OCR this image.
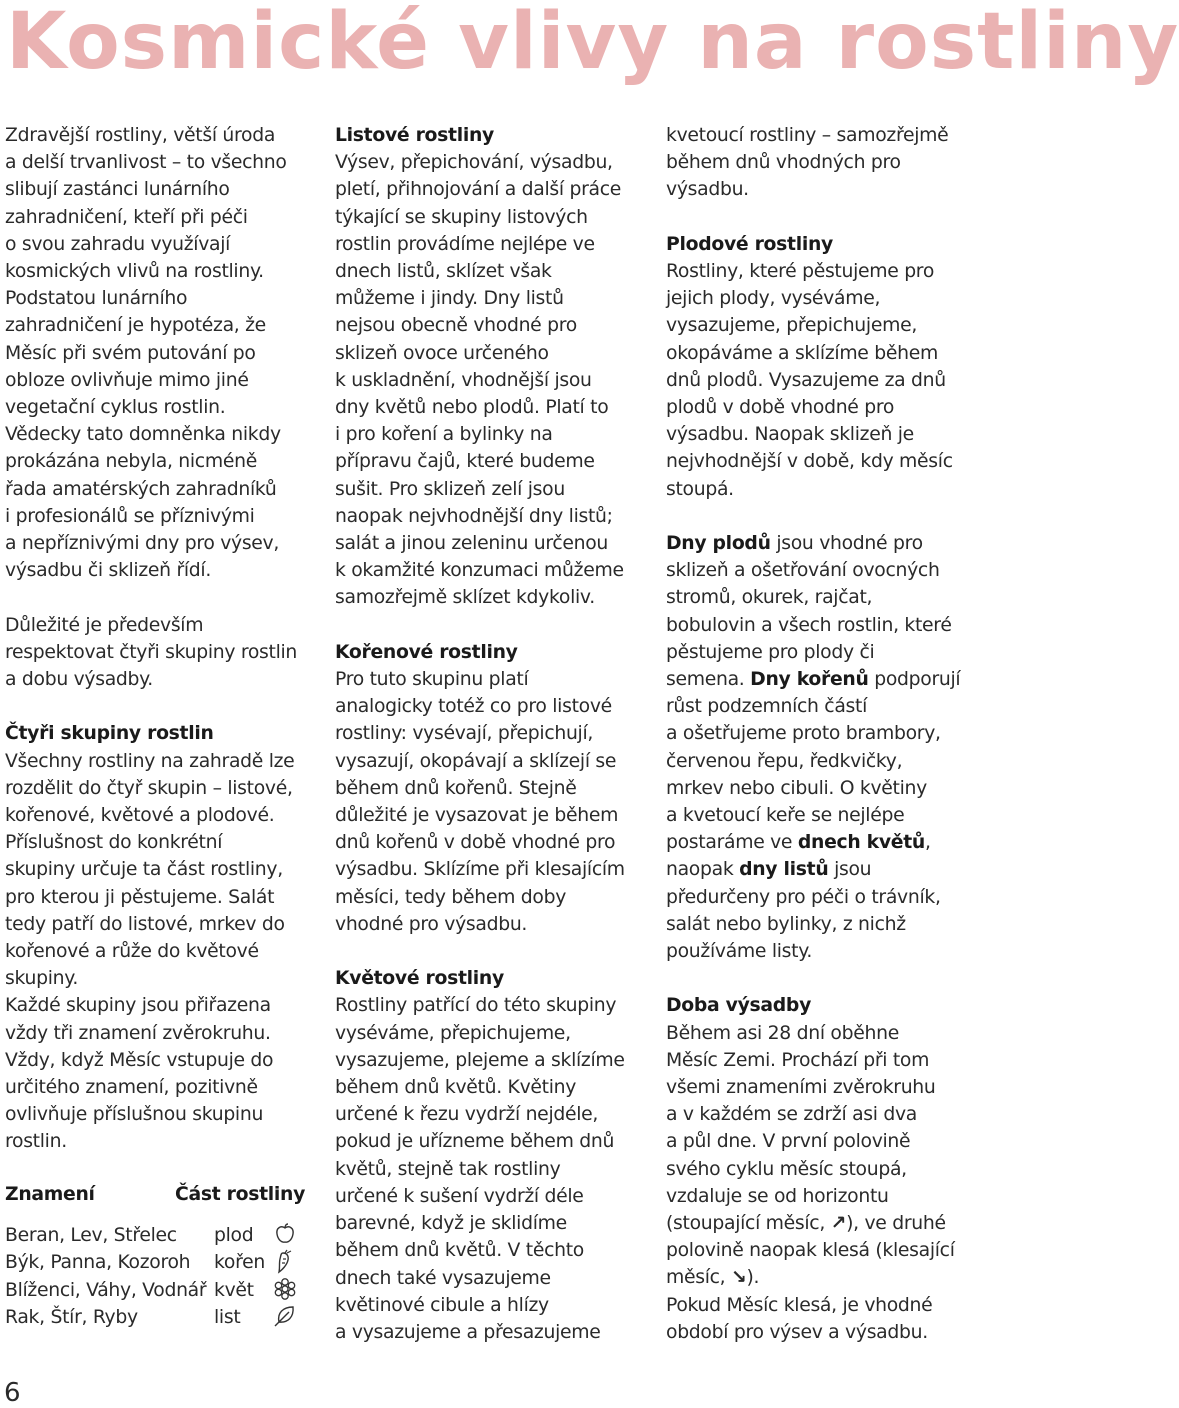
Kosmické vlivy na rostliny

Zdravější rostliny, větší úroda
a delší trvanlivost – to všechno
slibují zastánci lunárního
zahradničení, kteří při péči
o svou zahradu využívají
kosmických vlivů na rostliny.
Podstatou lunárního
zahradničení je hypotéza, že
Měsíc při svém putování po
obloze ovlivňuje mimo jiné
vegetační cyklus rostlin.
Vědecky tato domněnka nikdy
prokázána nebyla, nicméně
řada amatérských zahradníků
i profesionálů se příznivými
a nepříznivými dny pro výsev,
výsadbu či sklizeň řídí.

Důležité je především
respektovat čtyři skupiny rostlin
a dobu výsadby.

Čtyři skupiny rostlin

Všechny rostliny na zahradě lze
rozdělit do čtyř skupin – listové,
kořenové, květové a plodové.
Příslušnost do konkrétní
skupiny určuje ta část rostliny,
pro kterou ji pěstujeme. Salát
tedy patří do listové, mrkev do
kořenové a růže do květové
skupiny.
Každé skupiny jsou přiřazena
vždy tři znamení zvěrokruhu.
Vždy, když Měsíc vstupuje do
určitého znamení, pozitivně
ovlivňuje příslušnou skupinu
rostlin.

Znamení	Část rostliny
Beran, Lev, Střelec plod
Býk, Panna, Kozoroh kořen
Blíženci, Váhy, Vodnář květ
Rak, Štír, Ryby	list
Listové rostliny

Výsev, přepichování, výsadbu,
pletí, přihnojování a další práce
týkající se skupiny listových
rostlin provádíme nejlépe ve
dnech listů, sklízet však
můžeme i jindy. Dny listů
nejsou obecně vhodné pro
sklizeň ovoce určeného
k uskladnění, vhodnější jsou
dny květů nebo plodů. Platí to
i pro koření a bylinky na
přípravu čajů, které budeme
sušit. Pro sklizeň zelí jsou
naopak nejvhodnější dny listů;
salát a jinou zeleninu určenou
k okamžité konzumaci můžeme
samozřejmě sklízet kdykoliv.

Kořenové rostliny

Pro tuto skupinu platí
analogicky totéž co pro listové
rostliny: vysévají, přepichují,
vysazují, okopávají a sklízejí se
během dnů kořenů. Stejně
důležité je vysazovat je během
dnů kořenů v době vhodné pro
výsadbu. Sklízíme při klesajícím
měsíci, tedy během doby
vhodné pro výsadbu.

Květové rostliny

Rostliny patřící do této skupiny
vyséváme, přepichujeme,
vysazujeme, plejeme a sklízíme
během dnů květů. Květiny
určené k řezu vydrží nejdéle,
pokud je uřízneme během dnů
květů, stejně tak rostliny
určené k sušení vydrží déle
barevné, když je sklidíme
během dnů květů. V těchto
dnech také vysazujeme
květinové cibule a hlízy
a vysazujeme a přesazujeme

kvetoucí rostliny – samozřejmě
během dnů vhodných pro
výsadbu.

Plodové rostliny

Rostliny, které pěstujeme pro
jejich plody, vyséváme,
vysazujeme, přepichujeme,
okopáváme a sklízíme během
dnů plodů. Vysazujeme za dnů
plodů v době vhodné pro
výsadbu. Naopak sklizeň je
nejvhodnější v době, kdy měsíc
stoupá.

Dny plodů jsou vhodné pro
sklizeň a ošetřování ovocných
stromů, okurek, rajčat,
bobulovin a všech rostlin, které
pěstujeme pro plody či
semena. Dny kořenů podporují
růst podzemních částí
a ošetřujeme proto brambory,
červenou řepu, ředkvičky,
mrkev nebo cibuli. O květiny
a kvetoucí keře se nejlépe
postaráme ve dnech květů,
naopak dny listů jsou
předurčeny pro péči o trávník,
salát nebo bylinky, z nichž
používáme listy.

Doba výsadby

Během asi 28 dní oběhne
Měsíc Zemi. Prochází při tom
všemi znameními zvěrokruhu
a v každém se zdrží asi dva
a půl dne. V první polovině
svého cyklu měsíc stoupá,
vzdaluje se od horizontu
(stoupající měsíc, ↗), ve druhé
polovině naopak klesá (klesající
měsíc, ↘).
Pokud Měsíc klesá, je vhodné
období pro výsev a výsadbu.

6
